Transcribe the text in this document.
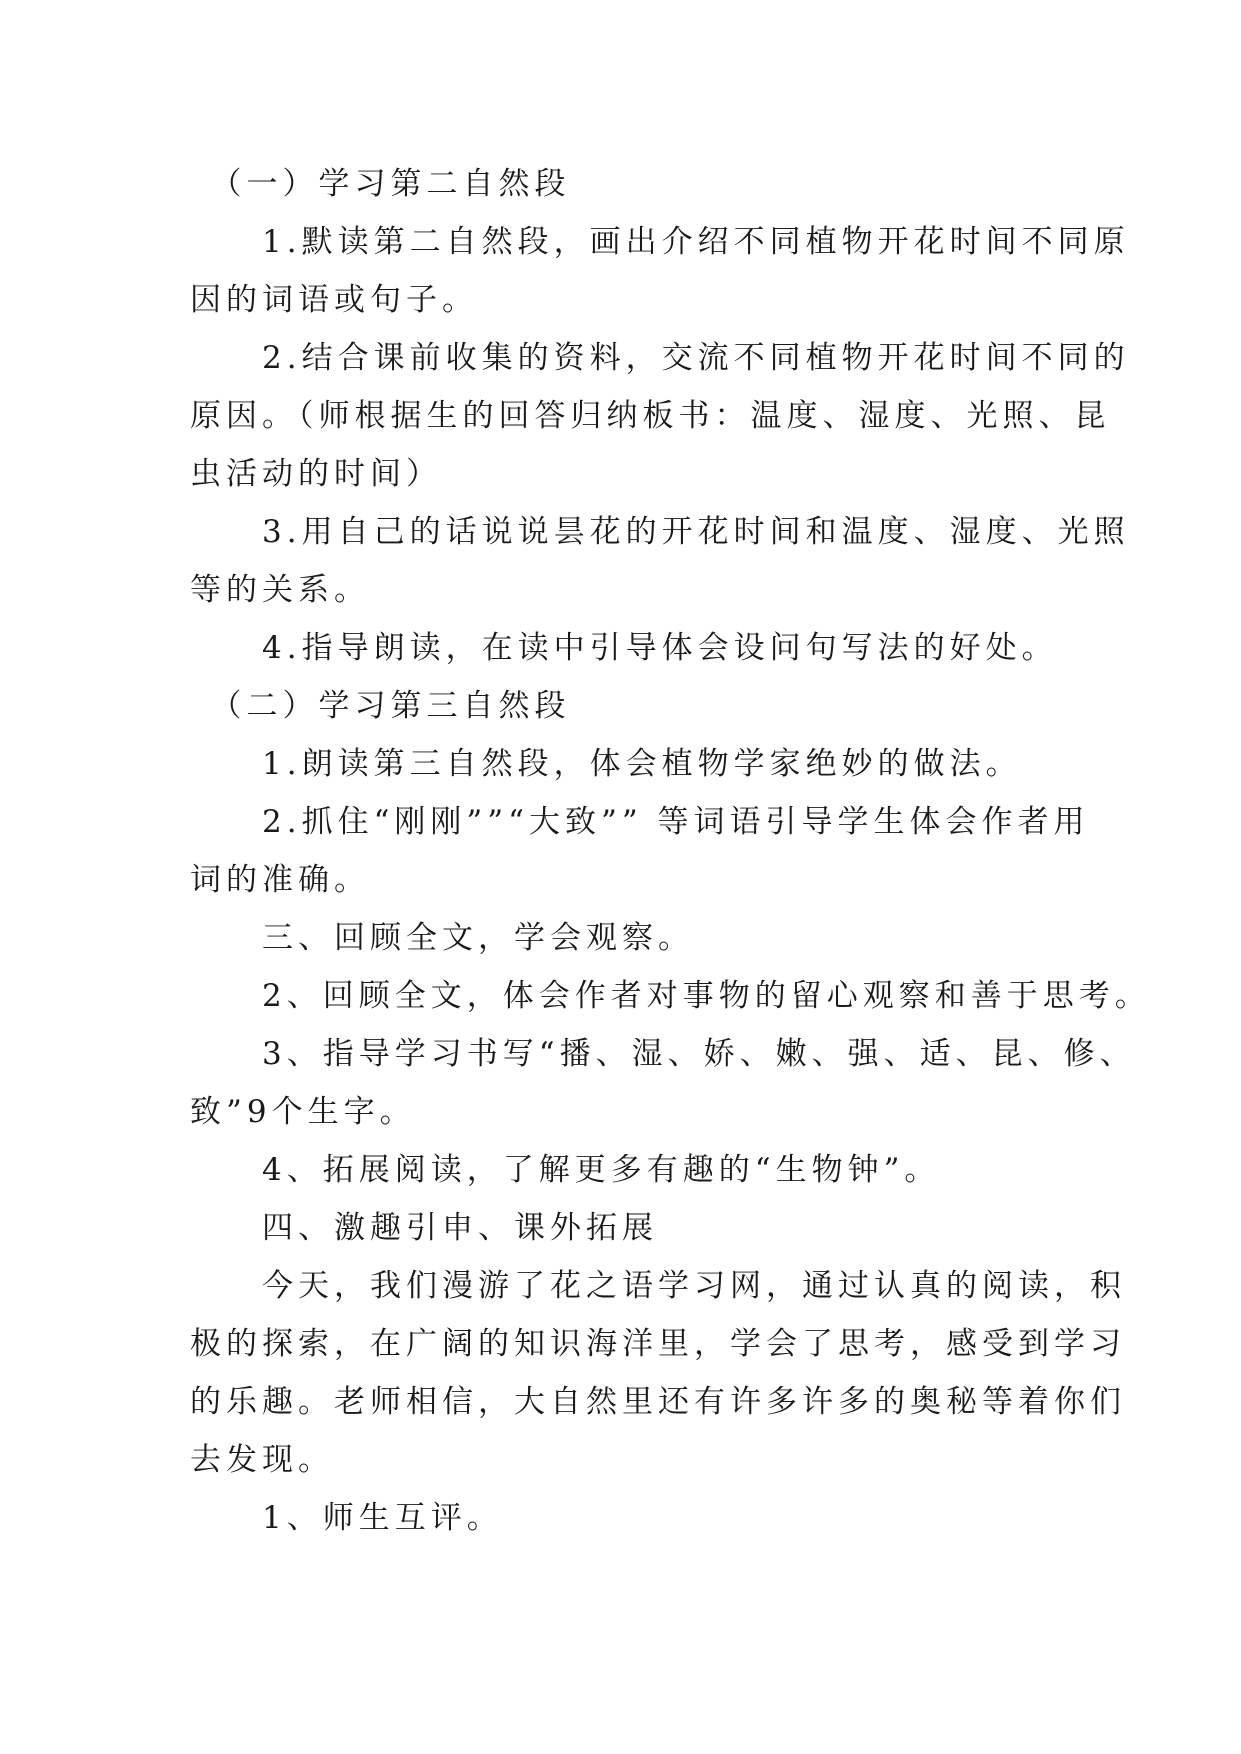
　（一）学习第二自然段

　　1.默读第二自然段，画出介绍不同植物开花时间不同原
因的词语或句子。

　　2.结合课前收集的资料，交流不同植物开花时间不同的
原因。（师根据生的回答归纳板书：温度、湿度、光照、昆
虫活动的时间）

　　3.用自己的话说说昙花的开花时间和温度、湿度、光照
等的关系。

　　4.指导朗读，在读中引导体会设问句写法的好处。

　（二）学习第三自然段

　　1.朗读第三自然段，体会植物学家绝妙的做法。

　　2.抓住“刚刚””“大致”” 等词语引导学生体会作者用
词的准确。

　　三、回顾全文，学会观察。

　　2、回顾全文，体会作者对事物的留心观察和善于思考。

　　3、指导学习书写“播、湿、娇、嫩、强、适、昆、修、
致”9个生字。

　　4、拓展阅读，了解更多有趣的“生物钟”。

　　四、激趣引申、课外拓展

　　今天，我们漫游了花之语学习网，通过认真的阅读，积
极的探索，在广阔的知识海洋里，学会了思考，感受到学习
的乐趣。老师相信，大自然里还有许多许多的奥秘等着你们
去发现。

　　1、师生互评。
